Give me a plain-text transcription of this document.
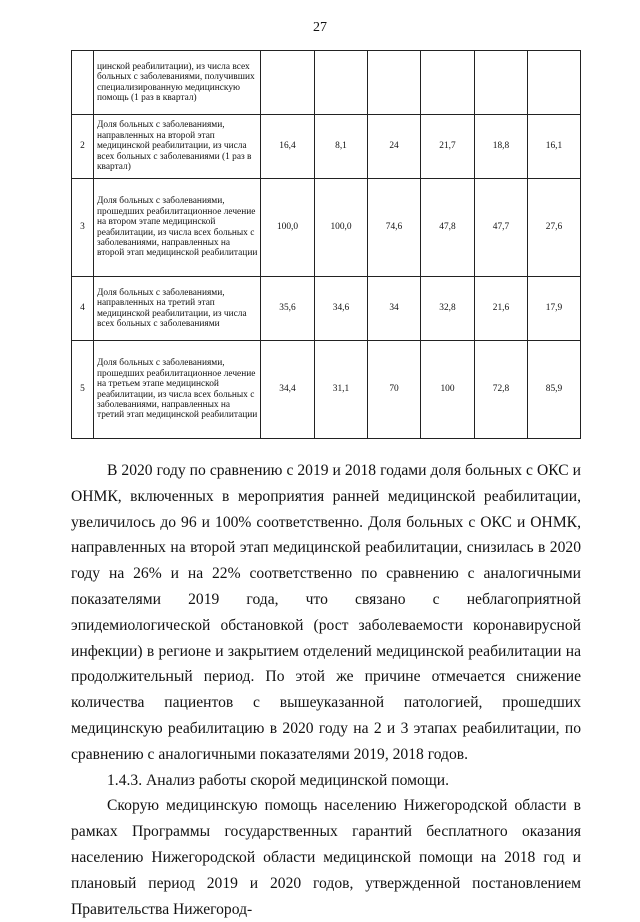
27
	цинской реабилитации), из числа всех больных с заболеваниями, получивших специализированную медицинскую помощь (1 раз в квартал)						
2	Доля больных с заболеваниями, направленных на второй этап медицинской реабилитации, из числа всех больных с заболеваниями (1 раз в квартал)	16,4	8,1	24	21,7	18,8	16,1
3	Доля больных с заболеваниями, прошедших реабилитационное лечение на втором этапе медицинской реабилитации, из числа всех больных с заболеваниями, направленных на второй этап медицинской реабилитации	100,0	100,0	74,6	47,8	47,7	27,6
4	Доля больных с заболеваниями, направленных на третий этап медицинской реабилитации, из числа всех больных с заболеваниями	35,6	34,6	34	32,8	21,6	17,9
5	Доля больных с заболеваниями, прошедших реабилитационное лечение на третьем этапе медицинской реабилитации, из числа всех больных с заболеваниями, направленных на третий этап медицинской реабилитации	34,4	31,1	70	100	72,8	85,9

В 2020 году по сравнению с 2019 и 2018 годами доля больных с ОКС и ОНМК, включенных в мероприятия ранней медицинской реабилитации, увеличилось до 96 и 100% соответственно. Доля больных с ОКС и ОНМК, направленных на второй этап медицинской реабилитации, снизилась в 2020 году на 26% и на 22% соответственно по сравнению с аналогичными показателями 2019 года, что связано с неблагоприятной эпидемиологической обстановкой (рост заболеваемости коронавирусной инфекции) в регионе и закрытием отделений медицинской реабилитации на продолжительный период. По этой же причине отмечается снижение количества пациентов с вышеуказанной патологией, прошедших медицинскую реабилитацию в 2020 году на 2 и 3 этапах реабилитации, по сравнению с аналогичными показателями 2019, 2018 годов.

1.4.3. Анализ работы скорой медицинской помощи.

Скорую медицинскую помощь населению Нижегородской области в рамках Программы государственных гарантий бесплатного оказания населению Нижегородской области медицинской помощи на 2018 год и плановый период 2019 и 2020 годов, утвержденной постановлением Правительства Нижегород-
